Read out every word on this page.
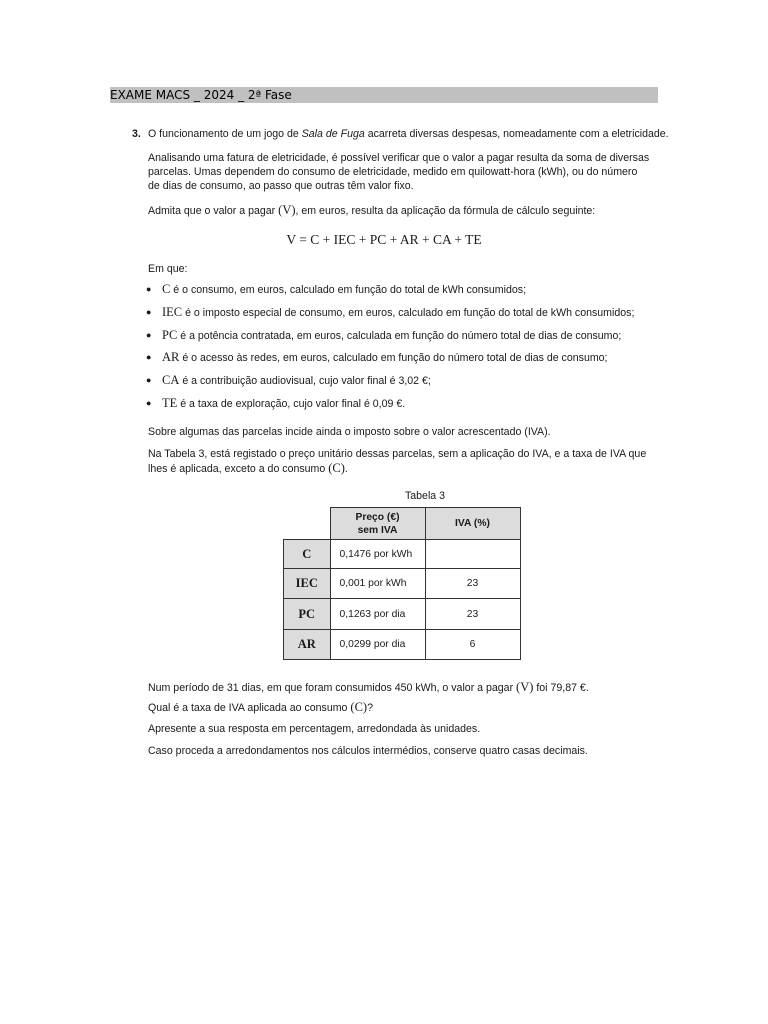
EXAME MACS _ 2024 _ 2ª Fase
3. O funcionamento de um jogo de Sala de Fuga acarreta diversas despesas, nomeadamente com a eletricidade.
Analisando uma fatura de eletricidade, é possível verificar que o valor a pagar resulta da soma de diversas
parcelas. Umas dependem do consumo de eletricidade, medido em quilowatt-hora (kWh), ou do número
de dias de consumo, ao passo que outras têm valor fixo.
Admita que o valor a pagar (V), em euros, resulta da aplicação da fórmula de cálculo seguinte:
V = C + IEC + PC + AR + CA + TE
Em que:
● C é o consumo, em euros, calculado em função do total de kWh consumidos;
● IEC é o imposto especial de consumo, em euros, calculado em função do total de kWh consumidos;
● PC é a potência contratada, em euros, calculada em função do número total de dias de consumo;
● AR é o acesso às redes, em euros, calculado em função do número total de dias de consumo;
● CA é a contribuição audiovisual, cujo valor final é 3,02 €;
● TE é a taxa de exploração, cujo valor final é 0,09 €.
Sobre algumas das parcelas incide ainda o imposto sobre o valor acrescentado (IVA).
Na Tabela 3, está registado o preço unitário dessas parcelas, sem a aplicação do IVA, e a taxa de IVA que
lhes é aplicada, exceto a do consumo (C).
Tabela 3
	Preço (€)
sem IVA	IVA (%)
C	0,1476 por kWh	
IEC	0,001 por kWh	23
PC	0,1263 por dia	23
AR	0,0299 por dia	6
Num período de 31 dias, em que foram consumidos 450 kWh, o valor a pagar (V) foi 79,87 €.
Qual é a taxa de IVA aplicada ao consumo (C)?
Apresente a sua resposta em percentagem, arredondada às unidades.
Caso proceda a arredondamentos nos cálculos intermédios, conserve quatro casas decimais.
